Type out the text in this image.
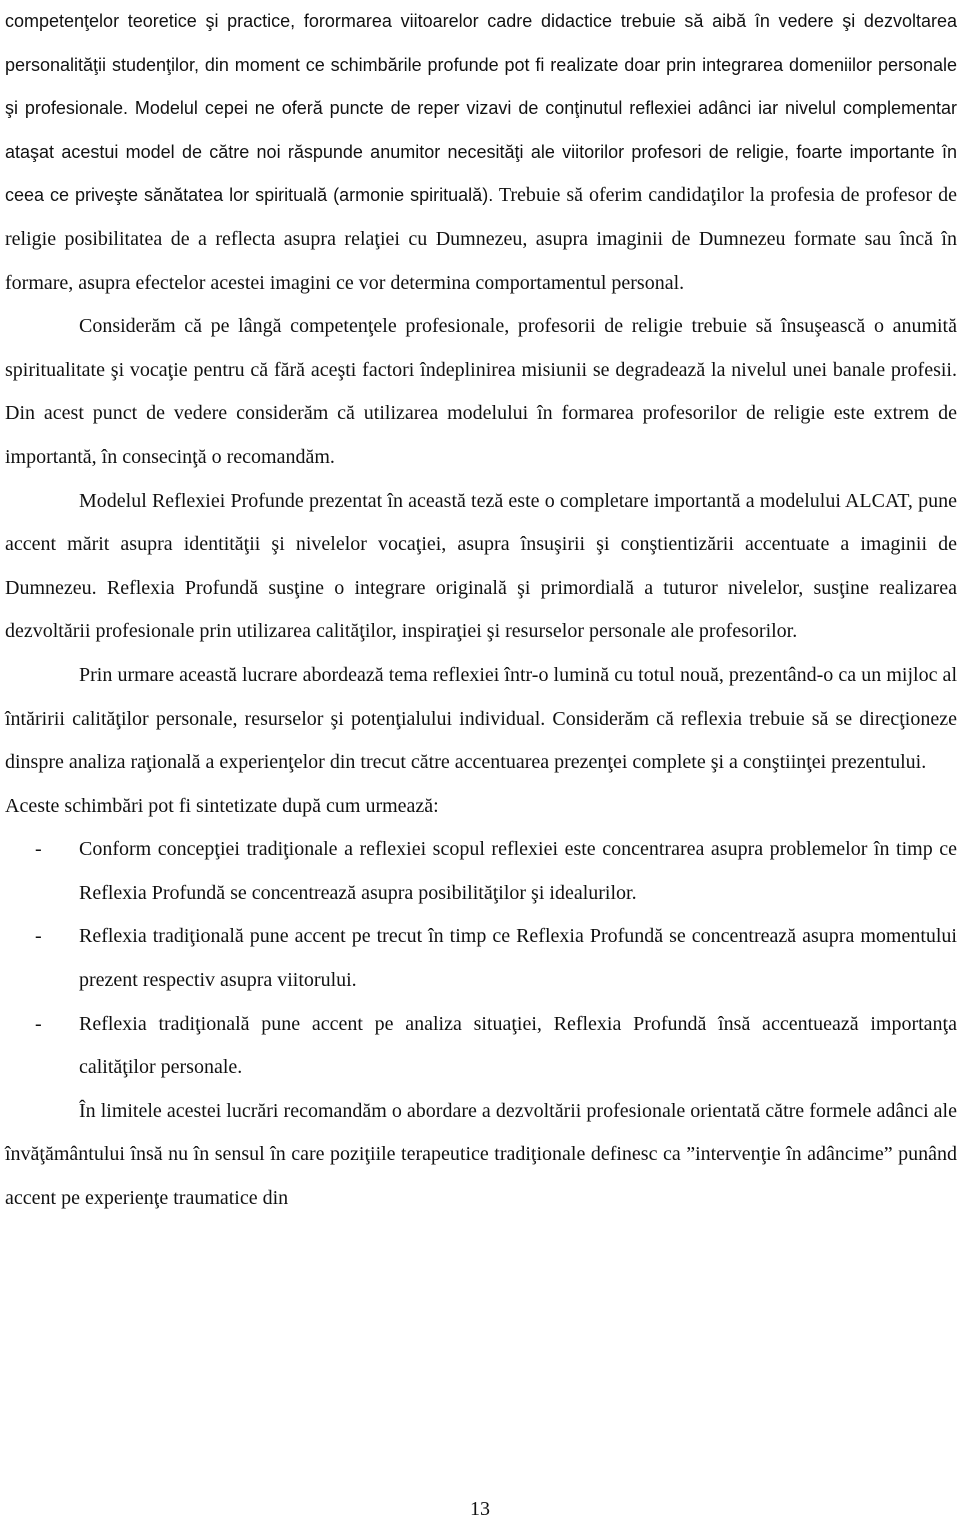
competenţelor teoretice şi practice, forormarea viitoarelor cadre didactice trebuie să aibă în vedere şi dezvoltarea personalităţii studenţilor, din moment ce schimbările profunde pot fi realizate doar prin integrarea domeniilor personale şi profesionale. Modelul cepei ne oferă puncte de reper vizavi de conţinutul reflexiei adânci iar nivelul complementar ataşat acestui model de către noi răspunde anumitor necesităţi ale viitorilor profesori de religie, foarte importante în ceea ce priveşte sănătatea lor spirituală (armonie spirituală). Trebuie să oferim candidaţilor la profesia de profesor de religie posibilitatea de a reflecta asupra relaţiei cu Dumnezeu, asupra imaginii de Dumnezeu formate sau încă în formare, asupra efectelor acestei imagini ce vor determina comportamentul personal.

Considerăm că pe lângă competenţele profesionale, profesorii de religie trebuie să însuşească o anumită spiritualitate şi vocaţie pentru că fără aceşti factori îndeplinirea misiunii se degradează la nivelul unei banale profesii. Din acest punct de vedere considerăm că utilizarea modelului în formarea profesorilor de religie este extrem de importantă, în consecinţă o recomandăm.

Modelul Reflexiei Profunde prezentat în această teză este o completare importantă a modelului ALCAT, pune accent mărit asupra identităţii şi nivelelor vocaţiei, asupra însuşirii şi conştientizării accentuate a imaginii de Dumnezeu. Reflexia Profundă susţine o integrare originală şi primordială a tuturor nivelelor, susţine realizarea dezvoltării profesionale prin utilizarea calităţilor, inspiraţiei şi resurselor personale ale profesorilor.

Prin urmare această lucrare abordează tema reflexiei într-o lumină cu totul nouă, prezentând-o ca un mijloc al întăririi calităţilor personale, resurselor şi potenţialului individual. Considerăm că reflexia trebuie să se direcţioneze dinspre analiza raţională a experienţelor din trecut către accentuarea prezenţei complete şi a conştiinţei prezentului.

Aceste schimbări pot fi sintetizate după cum urmează:

- Conform concepţiei tradiţionale a reflexiei scopul reflexiei este concentrarea asupra problemelor în timp ce Reflexia Profundă se concentrează asupra posibilităţilor şi idealurilor.
- Reflexia tradiţională pune accent pe trecut în timp ce Reflexia Profundă se concentrează asupra momentului prezent respectiv asupra viitorului.
- Reflexia tradiţională pune accent pe analiza situaţiei, Reflexia Profundă însă accentuează importanţa calităţilor personale.

În limitele acestei lucrări recomandăm o abordare a dezvoltării profesionale orientată către formele adânci ale învăţământului însă nu în sensul în care poziţiile terapeutice tradiţionale definesc ca ”intervenţie în adâncime” punând accent pe experienţe traumatice din

13
